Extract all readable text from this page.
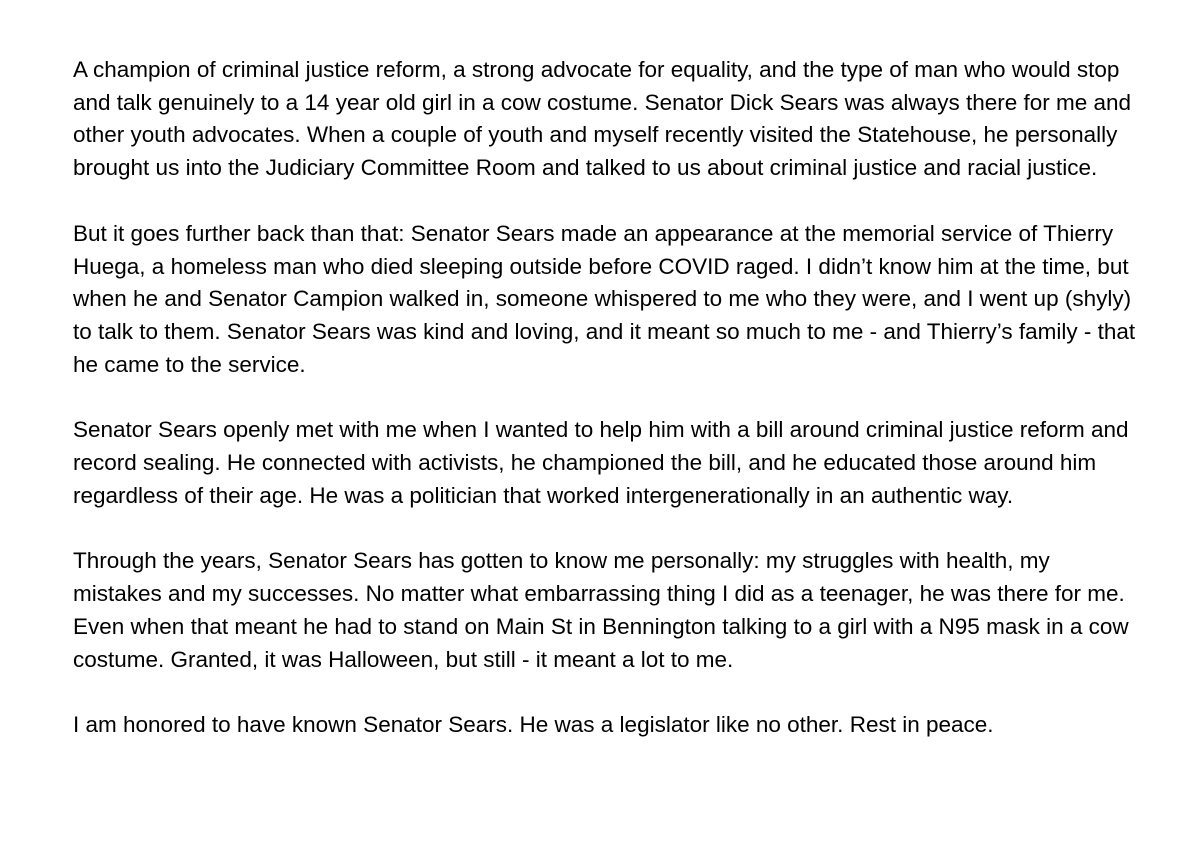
A champion of criminal justice reform, a strong advocate for equality, and the type of man who would stop and talk genuinely to a 14 year old girl in a cow costume. Senator Dick Sears was always there for me and other youth advocates. When a couple of youth and myself recently visited the Statehouse, he personally brought us into the Judiciary Committee Room and talked to us about criminal justice and racial justice.

But it goes further back than that: Senator Sears made an appearance at the memorial service of Thierry Huega, a homeless man who died sleeping outside before COVID raged. I didn’t know him at the time, but when he and Senator Campion walked in, someone whispered to me who they were, and I went up (shyly) to talk to them. Senator Sears was kind and loving, and it meant so much to me - and Thierry’s family - that he came to the service.

Senator Sears openly met with me when I wanted to help him with a bill around criminal justice reform and record sealing. He connected with activists, he championed the bill, and he educated those around him regardless of their age. He was a politician that worked intergenerationally in an authentic way.

Through the years, Senator Sears has gotten to know me personally: my struggles with health, my mistakes and my successes. No matter what embarrassing thing I did as a teenager, he was there for me. Even when that meant he had to stand on Main St in Bennington talking to a girl with a N95 mask in a cow costume. Granted, it was Halloween, but still - it meant a lot to me.

I am honored to have known Senator Sears. He was a legislator like no other. Rest in peace.
